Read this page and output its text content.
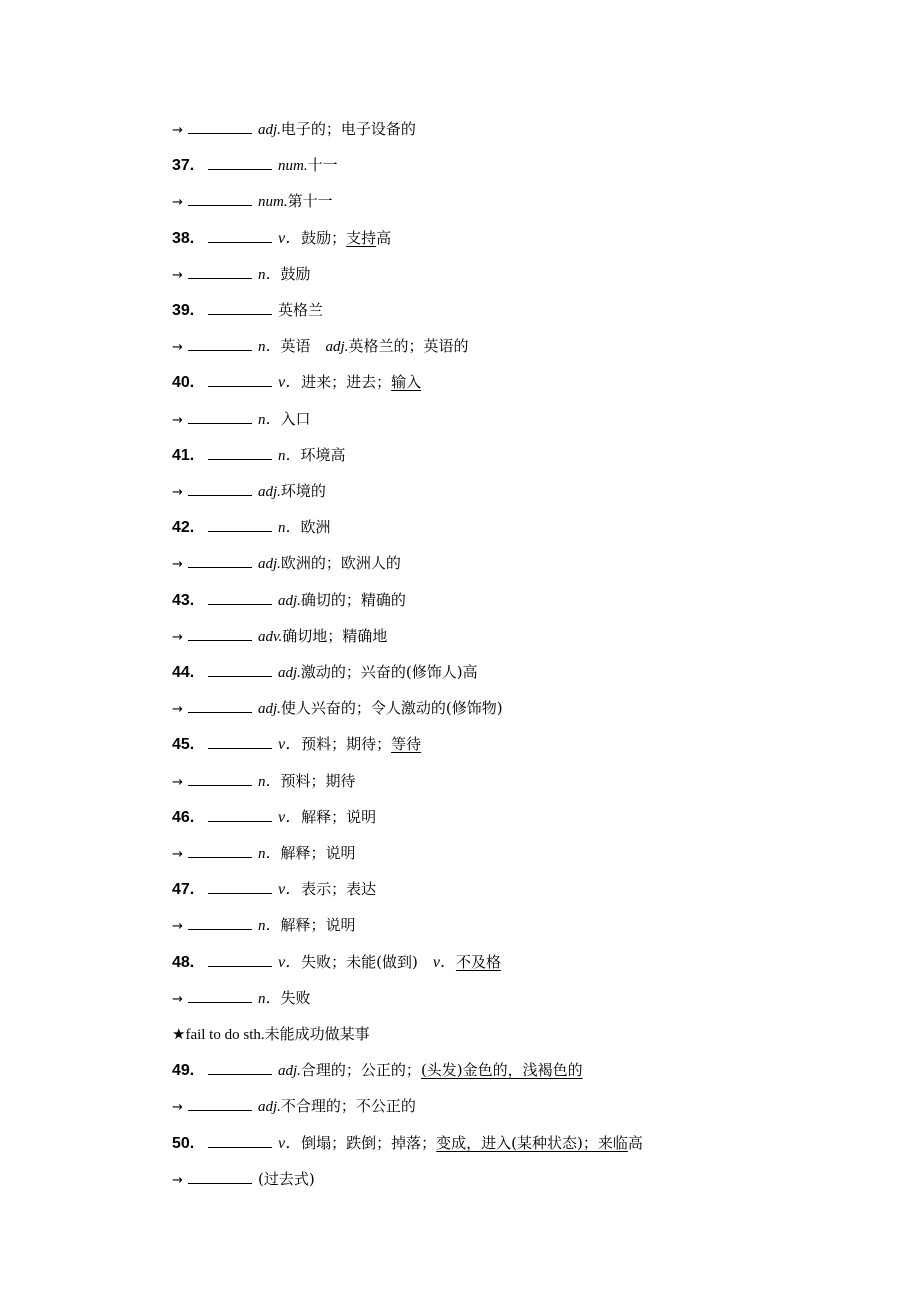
→	adj.电子的；电子设备的
37.	num.十一
→	num.第十一
38.	v．鼓励；支持高
→	n．鼓励
39.	英格兰
→	n．英语　adj.英格兰的；英语的
40.	v．进来；进去；输入
→	n．入口
41.	n．环境高
→	adj.环境的
42.	n．欧洲
→	adj.欧洲的；欧洲人的
43.	adj.确切的；精确的
→	adv.确切地；精确地
44.	adj.激动的；兴奋的(修饰人)高
→	adj.使人兴奋的；令人激动的(修饰物)
45.	v．预料；期待；等待
→	n．预料；期待
46.	v．解释；说明
→	n．解释；说明
47.	v．表示；表达
→	n．解释；说明
48.	v．失败；未能(做到)　v．不及格
→	n．失败
★fail to do sth.未能成功做某事
49.	adj.合理的；公正的；(头发)金色的，浅褐色的
→	adj.不合理的；不公正的
50.	v．倒塌；跌倒；掉落；变成，进入(某种状态)；来临高
→	(过去式)
